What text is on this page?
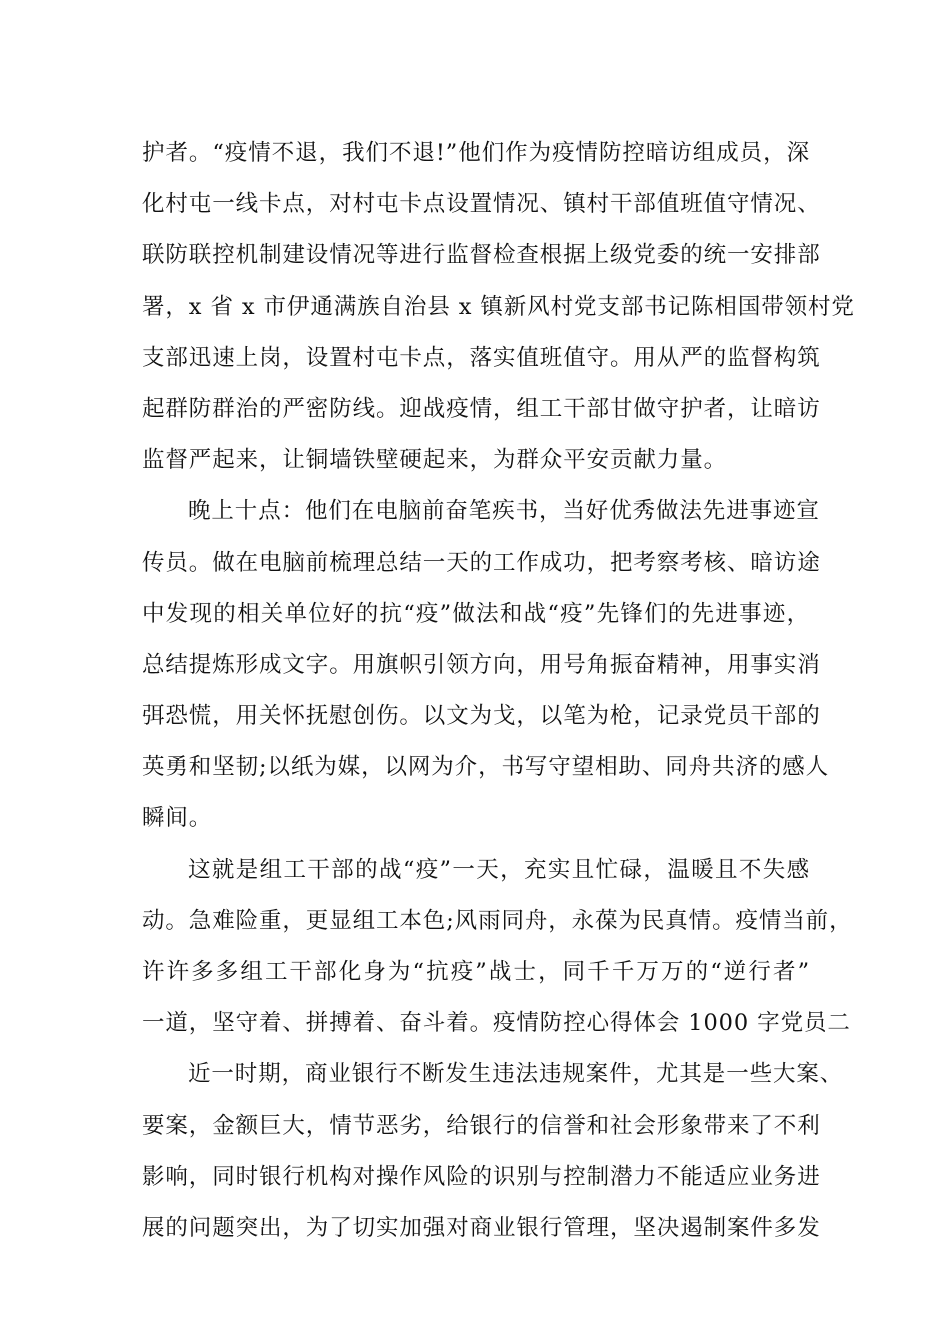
护者。“疫情不退，我们不退!”他们作为疫情防控暗访组成员，深
化村屯一线卡点，对村屯卡点设置情况、镇村干部值班值守情况、
联防联控机制建设情况等进行监督检查根据上级党委的统一安排部
署，x 省 x 市伊通满族自治县 x 镇新风村党支部书记陈相国带领村党
支部迅速上岗，设置村屯卡点，落实值班值守。用从严的监督构筑
起群防群治的严密防线。迎战疫情，组工干部甘做守护者，让暗访
监督严起来，让铜墙铁壁硬起来，为群众平安贡献力量。
晚上十点：他们在电脑前奋笔疾书，当好优秀做法先进事迹宣
传员。做在电脑前梳理总结一天的工作成功，把考察考核、暗访途
中发现的相关单位好的抗“疫”做法和战“疫”先锋们的先进事迹，
总结提炼形成文字。用旗帜引领方向，用号角振奋精神，用事实消
弭恐慌，用关怀抚慰创伤。以文为戈，以笔为枪，记录党员干部的
英勇和坚韧;以纸为媒，以网为介，书写守望相助、同舟共济的感人
瞬间。
这就是组工干部的战“疫”一天，充实且忙碌，温暖且不失感
动。急难险重，更显组工本色;风雨同舟，永葆为民真情。疫情当前，
许许多多组工干部化身为“抗疫”战士，同千千万万的“逆行者”
一道，坚守着、拼搏着、奋斗着。疫情防控心得体会 1000 字党员二
近一时期，商业银行不断发生违法违规案件，尤其是一些大案、
要案，金额巨大，情节恶劣，给银行的信誉和社会形象带来了不利
影响，同时银行机构对操作风险的识别与控制潜力不能适应业务进
展的问题突出，为了切实加强对商业银行管理，坚决遏制案件多发
